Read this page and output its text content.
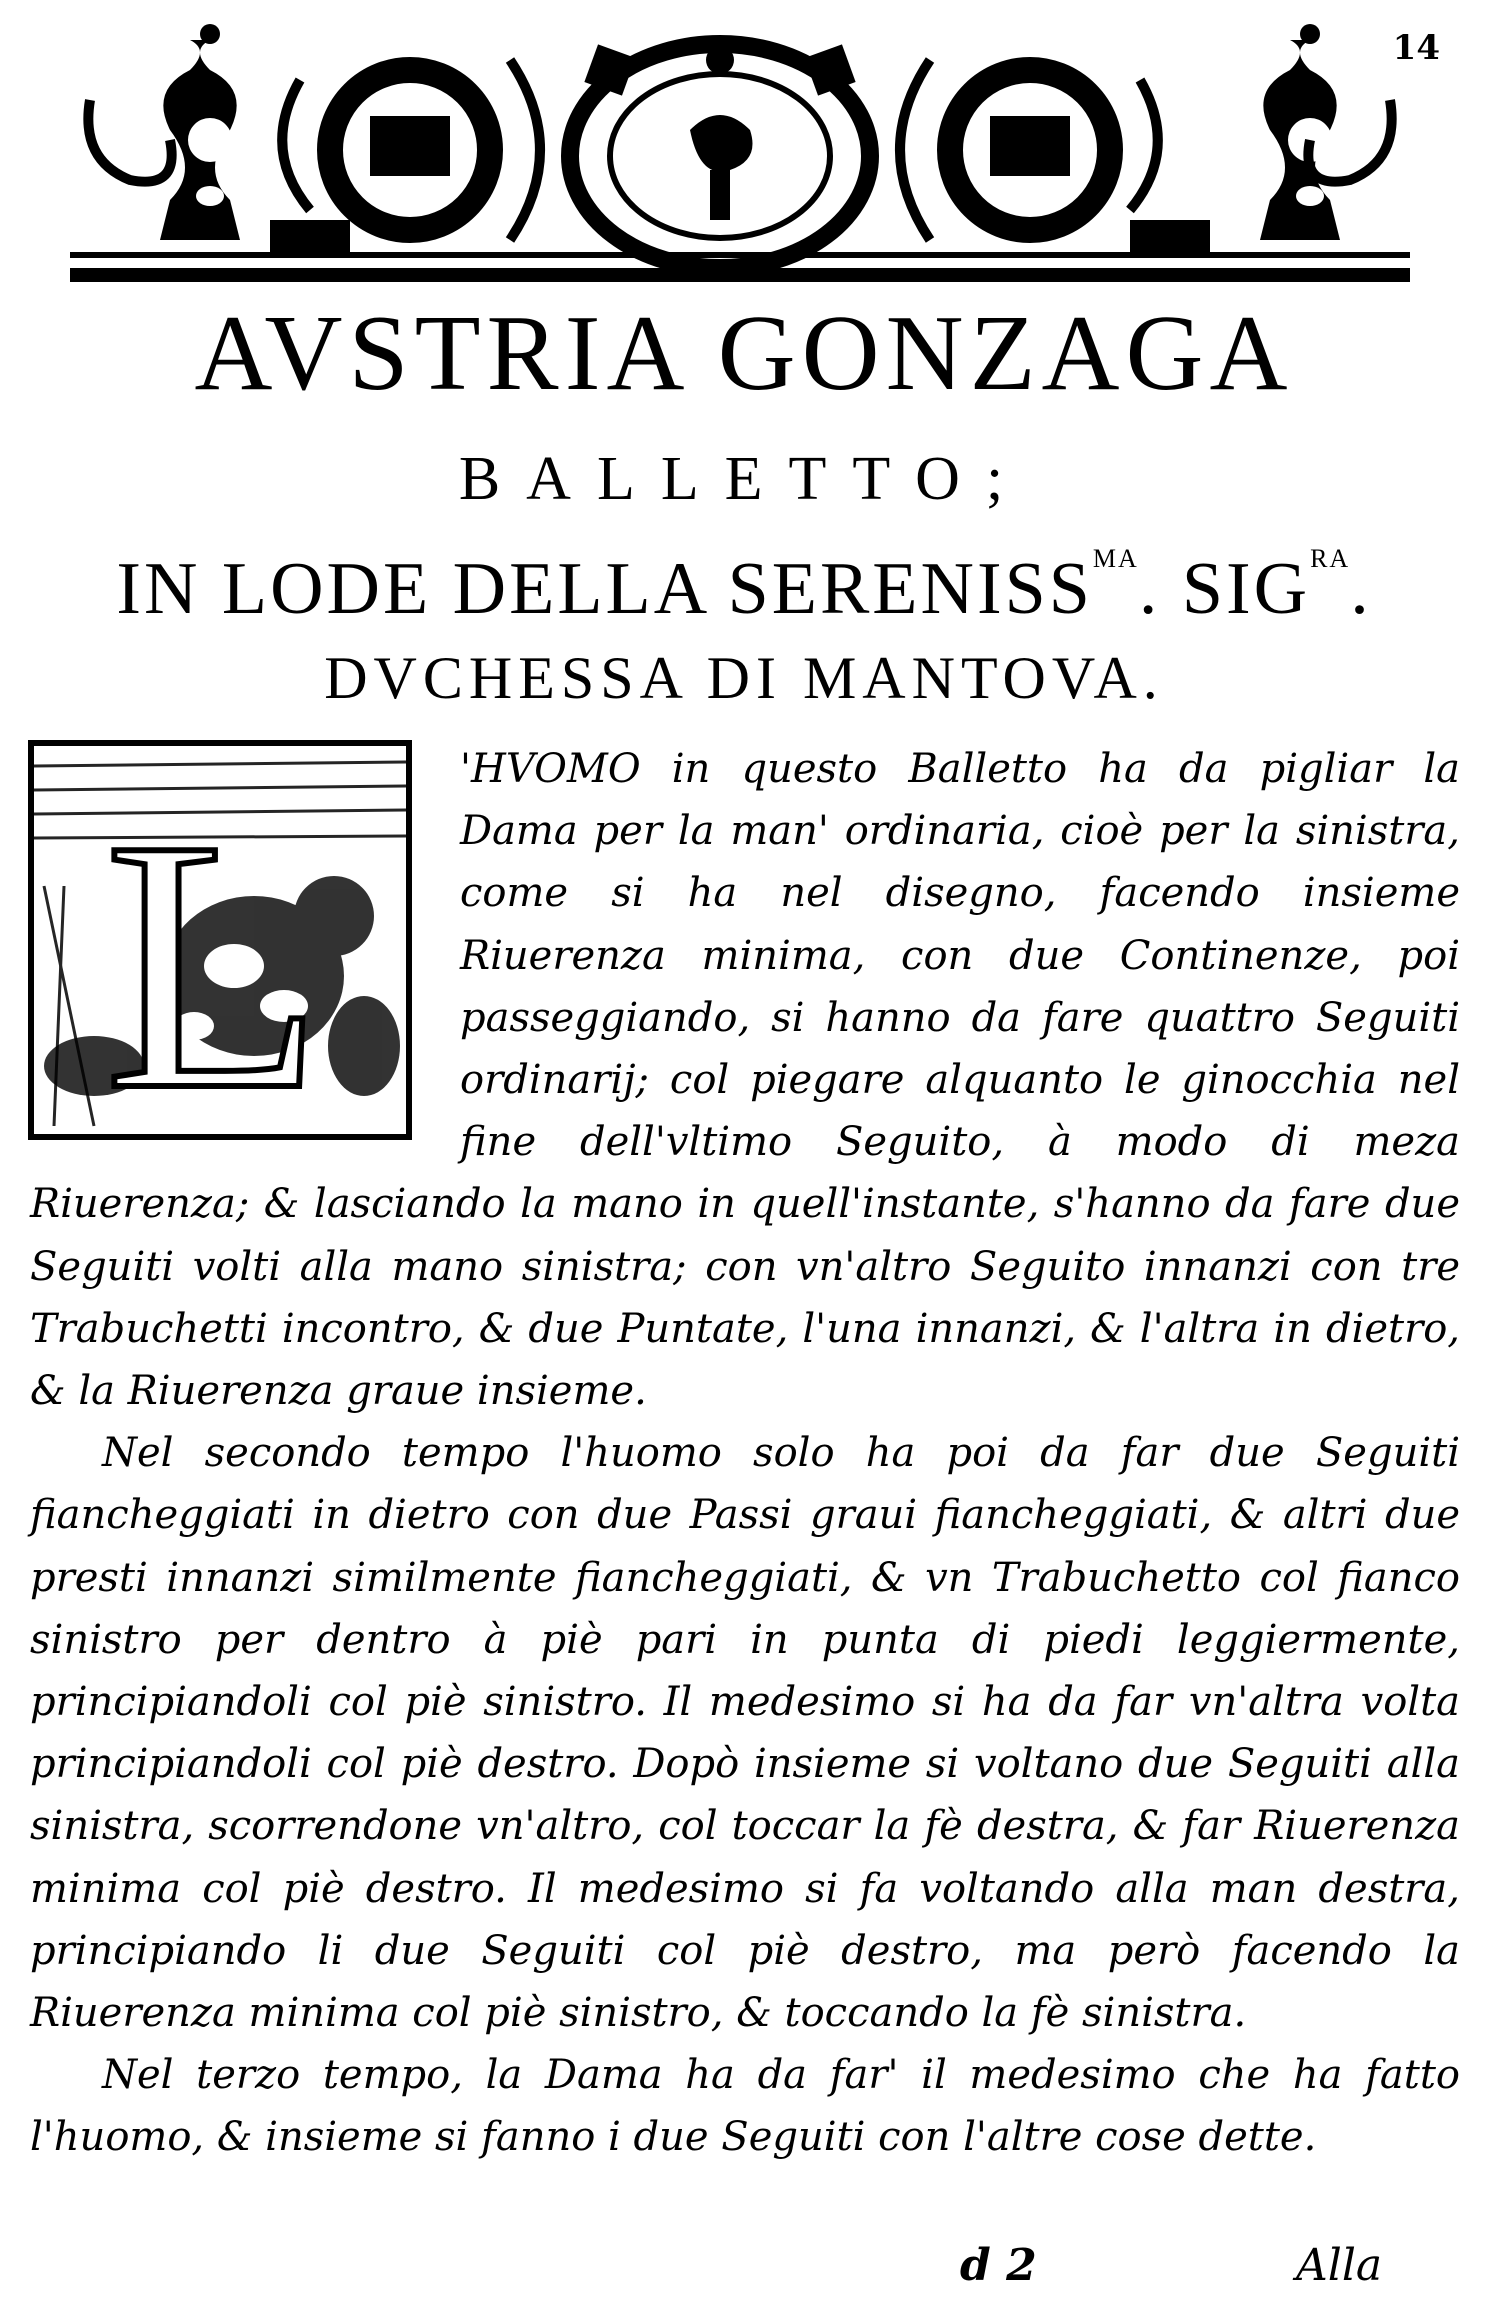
14
AVSTRIA GONZAGA
BALLETTO;
IN LODE DELLA $SERENISS^{MA}$. $SIG^{RA}$.
DVCHESSA DI MANTOVA.
L	'HVOMO in questo Balletto ha da pigliar la Dama per la man' ordinaria, cioè per la sinistra, come si ha nel disegno, facendo insieme Riuerenza minima, con due Continenze, poi passeggiando, si hanno da fare quattro Seguiti ordinarij; col piegare alquanto le ginocchia nel fine dell'vltimo Seguito, à modo di meza Riuerenza; & lasciando la mano in quell'instante, s'hanno da fare due Seguiti volti alla mano sinistra; con vn'altro Seguito innanzi con tre Trabuchetti incontro, & due Puntate, l'una innanzi, & l'altra in dietro, & la Riuerenza graue insieme.

Nel secondo tempo l'huomo solo ha poi da far due Seguiti fiancheggiati in dietro con due Passi graui fiancheggiati, & altri due presti innanzi similmente fiancheggiati, & vn Trabuchetto col fianco sinistro per dentro à piè pari in punta di piedi leggiermente, principiandoli col piè sinistro. Il medesimo si ha da far vn'altra volta principiandoli col piè destro. Dopò insieme si voltano due Seguiti alla sinistra, scorrendone vn'altro, col toccar la fè destra, & far Riuerenza minima col piè destro. Il medesimo si fa voltando alla man destra, principiando li due Seguiti col piè destro, ma però facendo la Riuerenza minima col piè sinistro, & toccando la fè sinistra.

Nel terzo tempo, la Dama ha da far' il medesimo che ha fatto l'huomo, & insieme si fanno i due Seguiti con l'altre cose dette.

d 2	Alla
